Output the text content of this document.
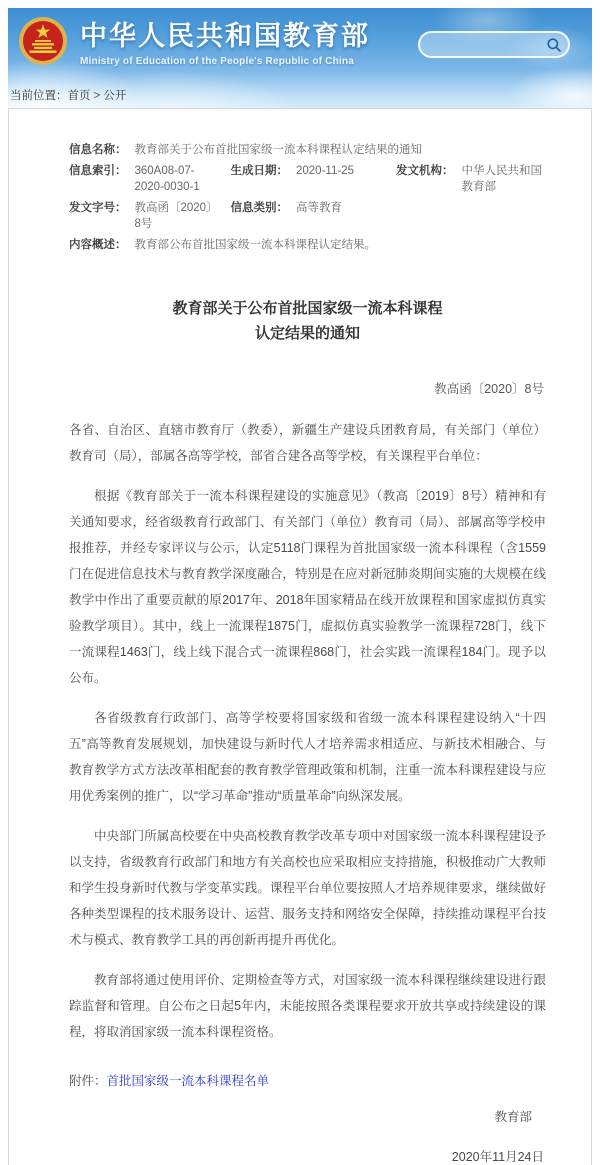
中华人民共和国教育部
Ministry of Education of the People's Republic of China
当前位置：首页 > 公开
信息名称：	教育部关于公布首批国家级一流本科课程认定结果的通知				
信息索引：	360A08-07-2020-0030-1	生成日期：	2020-11-25	发文机构：	中华人民共和国教育部
发文字号：	教高函〔2020〕8号	信息类别：	高等教育		
内容概述：	教育部公布首批国家级一流本科课程认定结果。				
教育部关于公布首批国家级一流本科课程
认定结果的通知
教高函〔2020〕8号

各省、自治区、直辖市教育厅（教委），新疆生产建设兵团教育局，有关部门（单位）教育司（局），部属各高等学校，部省合建各高等学校，有关课程平台单位：

根据《教育部关于一流本科课程建设的实施意见》（教高〔2019〕8号）精神和有关通知要求，经省级教育行政部门、有关部门（单位）教育司（局）、部属高等学校申报推荐，并经专家评议与公示，认定5118门课程为首批国家级一流本科课程（含1559门在促进信息技术与教育教学深度融合，特别是在应对新冠肺炎期间实施的大规模在线教学中作出了重要贡献的原2017年、2018年国家精品在线开放课程和国家虚拟仿真实验教学项目）。其中，线上一流课程1875门，虚拟仿真实验教学一流课程728门，线下一流课程1463门，线上线下混合式一流课程868门，社会实践一流课程184门。现予以公布。

各省级教育行政部门、高等学校要将国家级和省级一流本科课程建设纳入“十四五”高等教育发展规划，加快建设与新时代人才培养需求相适应、与新技术相融合、与教育教学方式方法改革相配套的教育教学管理政策和机制，注重一流本科课程建设与应用优秀案例的推广，以“学习革命”推动“质量革命”向纵深发展。

中央部门所属高校要在中央高校教育教学改革专项中对国家级一流本科课程建设予以支持，省级教育行政部门和地方有关高校也应采取相应支持措施，积极推动广大教师和学生投身新时代教与学变革实践。课程平台单位要按照人才培养规律要求，继续做好各种类型课程的技术服务设计、运营、服务支持和网络安全保障，持续推动课程平台技术与模式、教育教学工具的再创新再提升再优化。

教育部将通过使用评价、定期检查等方式，对国家级一流本科课程继续建设进行跟踪监督和管理。自公布之日起5年内，未能按照各类课程要求开放共享或持续建设的课程，将取消国家级一流本科课程资格。

附件：首批国家级一流本科课程名单
教育部
2020年11月24日
